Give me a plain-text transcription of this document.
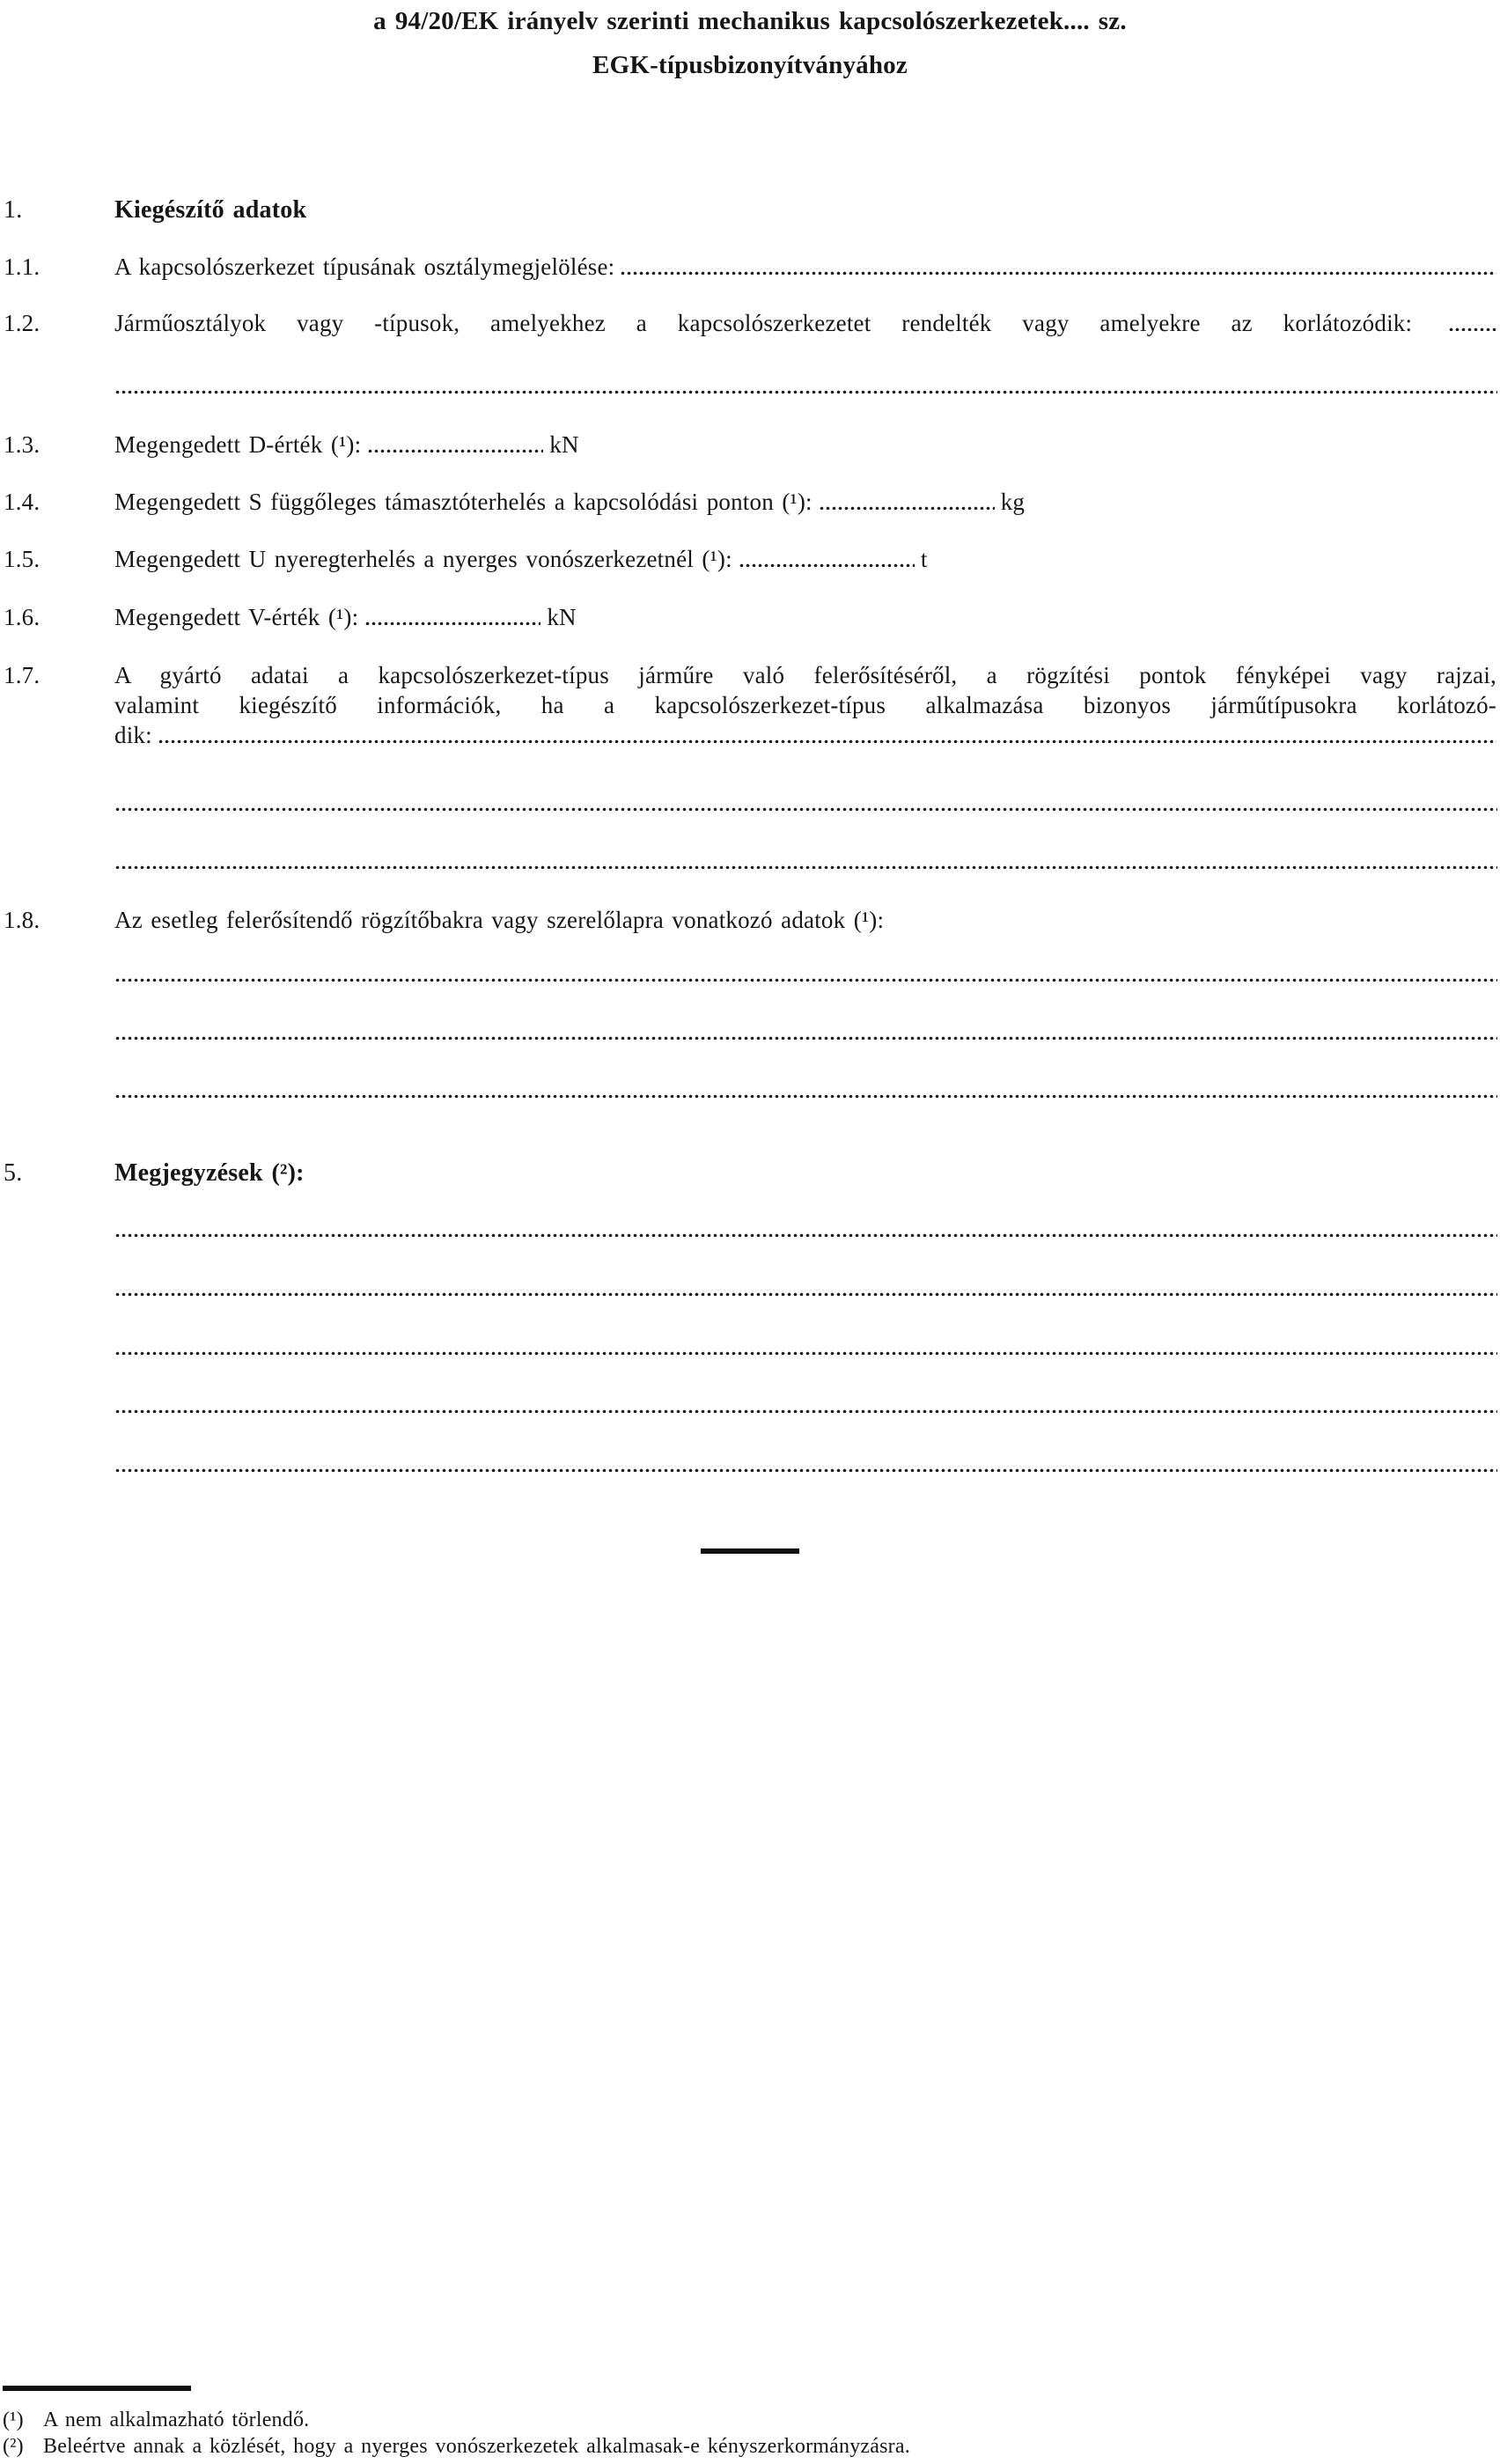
a 94/20/EK irányelv szerinti mechanikus kapcsolószerkezetek.... sz.
EGK-típusbizonyítványához
1.	Kiegészítő adatok
1.1.	A kapcsolószerkezet típusának osztálymegjelölése:
1.2.	Járműosztályok vagy -típusok, amelyekhez a kapcsolószerkezetet rendelték vagy amelyekre az korlátozódik:
1.3.	Megengedett D-érték (¹):	kN
1.4.	Megengedett S függőleges támasztóterhelés a kapcsolódási ponton (¹):	kg
1.5.	Megengedett U nyeregterhelés a nyerges vonószerkezetnél (¹):	t
1.6.	Megengedett V-érték (¹):	kN
1.7.	A gyártó adatai a kapcsolószerkezet-típus járműre való felerősítéséről, a rögzítési pontok fényképei vagy rajzai,
valamint kiegészítő információk, ha a kapcsolószerkezet-típus alkalmazása bizonyos járműtípusokra korlátozó-
dik:
1.8.	Az esetleg felerősítendő rögzítőbakra vagy szerelőlapra vonatkozó adatok (¹):
5.	Megjegyzések (²):
(¹) A nem alkalmazható törlendő.
(²) Beleértve annak a közlését, hogy a nyerges vonószerkezetek alkalmasak-e kényszerkormányzásra.
